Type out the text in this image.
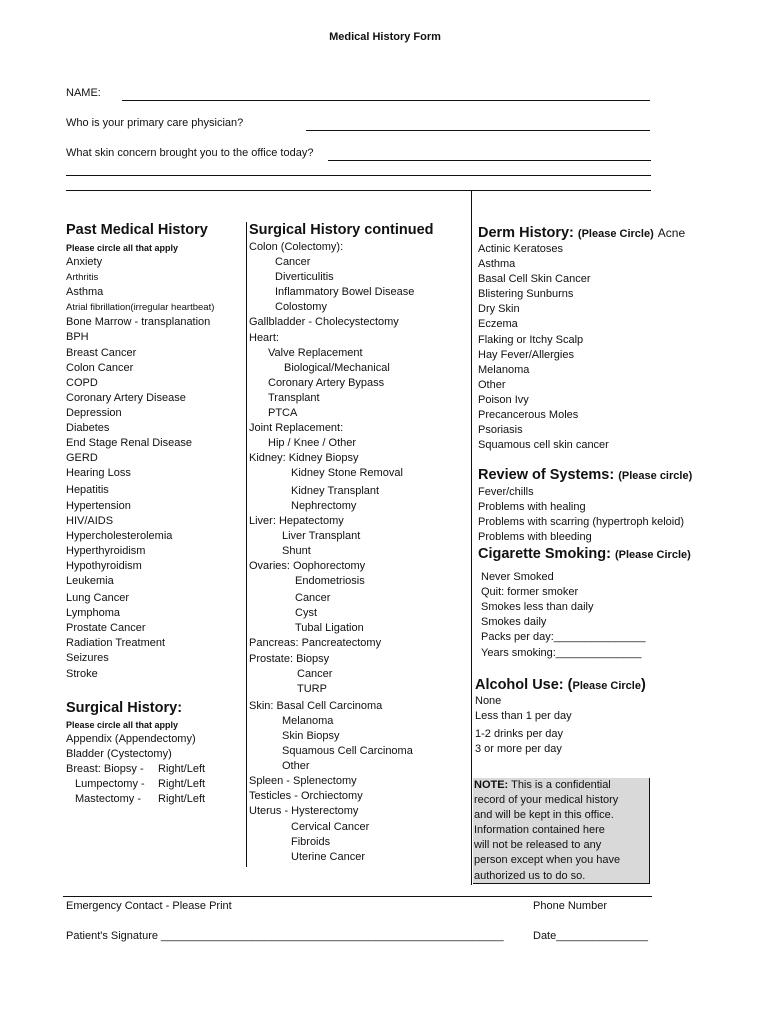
Medical History Form
NAME:
Who is your primary care physician?
What skin concern brought you to the office today?
Past Medical History
Please circle all that apply
Anxiety
Arthritis
Asthma
Atrial fibrillation(irregular heartbeat)
Bone Marrow - transplanation
BPH
Breast Cancer
Colon Cancer
COPD
Coronary Artery Disease
Depression
Diabetes
End Stage Renal Disease
GERD
Hearing Loss
Hepatitis
Hypertension
HIV/AIDS
Hypercholesterolemia
Hyperthyroidism
Hypothyroidism
Leukemia
Lung Cancer
Lymphoma
Prostate Cancer
Radiation Treatment
Seizures
Stroke
Surgical History:
Please circle all that apply
Appendix (Appendectomy)
Bladder (Cystectomy)
Breast: Biopsy -
Lumpectomy -
Mastectomy -
Right/Left
Right/Left
Right/Left
Surgical History continued
Colon (Colectomy):
Cancer
Diverticulitis
Inflammatory Bowel Disease
Colostomy
Gallbladder - Cholecystectomy
Heart:
Valve Replacement
Biological/Mechanical
Coronary Artery Bypass
Transplant
PTCA
Joint Replacement:
Hip / Knee / Other
Kidney: Kidney Biopsy
Kidney Stone Removal
Kidney Transplant
Nephrectomy
Liver: Hepatectomy
Liver Transplant
Shunt
Ovaries: Oophorectomy
Endometriosis
Cancer
Cyst
Tubal Ligation
Pancreas: Pancreatectomy
Prostate: Biopsy
Cancer
TURP
Skin: Basal Cell Carcinoma
Melanoma
Skin Biopsy
Squamous Cell Carcinoma
Other
Spleen - Splenectomy
Testicles - Orchiectomy
Uterus - Hysterectomy
Cervical Cancer
Fibroids
Uterine Cancer
Derm History: (Please Circle) Acne
Actinic Keratoses
Asthma
Basal Cell Skin Cancer
Blistering Sunburns
Dry Skin
Eczema
Flaking or Itchy Scalp
Hay Fever/Allergies
Melanoma
Other
Poison Ivy
Precancerous Moles
Psoriasis
Squamous cell skin cancer
Review of Systems: (Please circle)
Fever/chills
Problems with healing
Problems with scarring (hypertroph keloid)
Problems with bleeding
Cigarette Smoking: (Please Circle)
Never Smoked
Quit: former smoker
Smokes less than daily
Smokes daily
Packs per day:_______________
Years smoking:______________
Alcohol Use: (Please Circle)
None
Less than 1 per day
1-2 drinks per day
3 or more per day
NOTE: This is a confidential
record of your medical history
and will be kept in this office.
Information contained here
will not be released to any
person except when you have
authorized us to do so.
Emergency Contact - Please Print	Phone Number
Patient's Signature ________________________________________________________	Date_______________
